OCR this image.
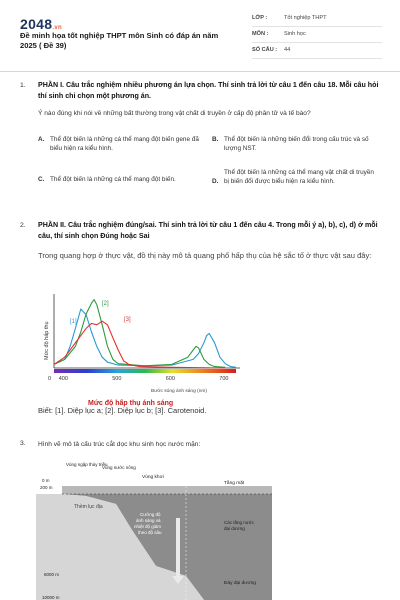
2048.vn
Đề minh họa tốt nghiệp THPT môn Sinh có đáp án năm 2025 ( Đề 39)
LỚP :	Tốt nghiệp THPT
MÔN :	Sinh học
SỐ CÂU : 44
1. PHẦN I. Câu trắc nghiệm nhiều phương án lựa chọn. Thí sinh trả lời từ câu 1 đến câu 18. Mỗi câu hỏi thí sinh chỉ chọn một phương án.
Ý nào đúng khi nói về những bất thường trong vật chất di truyền ở cấp độ phân tử và tế bào?
A. Thể đột biến là những cá thể mang đột biến gene đã biểu hiện ra kiểu hình.
B. Thể đột biến là những biến đổi trong cấu trúc và số lượng NST.
C. Thể đột biến là những cá thể mang đột biến.	D.
Thể đột biến là những cá thể mang vật chất di truyền bị biến đổi được biểu hiện ra kiểu hình.
2. PHẦN II. Câu trắc nghiệm đúng/sai. Thí sinh trả lời từ câu 1 đến câu 4. Trong mỗi ý a), b), c), d) ở mỗi câu, thí sinh chọn Đúng hoặc Sai
Trong quang hợp ở thực vật, đồ thị này mô tả quang phổ hấp thụ của hệ sắc tố ở thực vật sau đây:
400	500	600	700
0
Bước sóng ánh sáng (nm)
Mức độ hấp thụ	[1]
[2]
[3]
Mức độ hấp thụ ánh sáng
Biết: [1]. Diệp lục a; [2]. Diệp lục b; [3]. Carotenoid.
3. Hình vẽ mô tả cấu trúc cắt dọc khu sinh học nước mặn:
Vùng ngập thủy triều
Vùng nước nông
Vùng khơi
Tầng mặt
0 m
200 m
Thềm lục địa
Cường độ ánh sáng và nhiệt độ giảm theo độ sâu
Các tầng nước đại dương
Đáy đại dương
6000 m
10000 m
